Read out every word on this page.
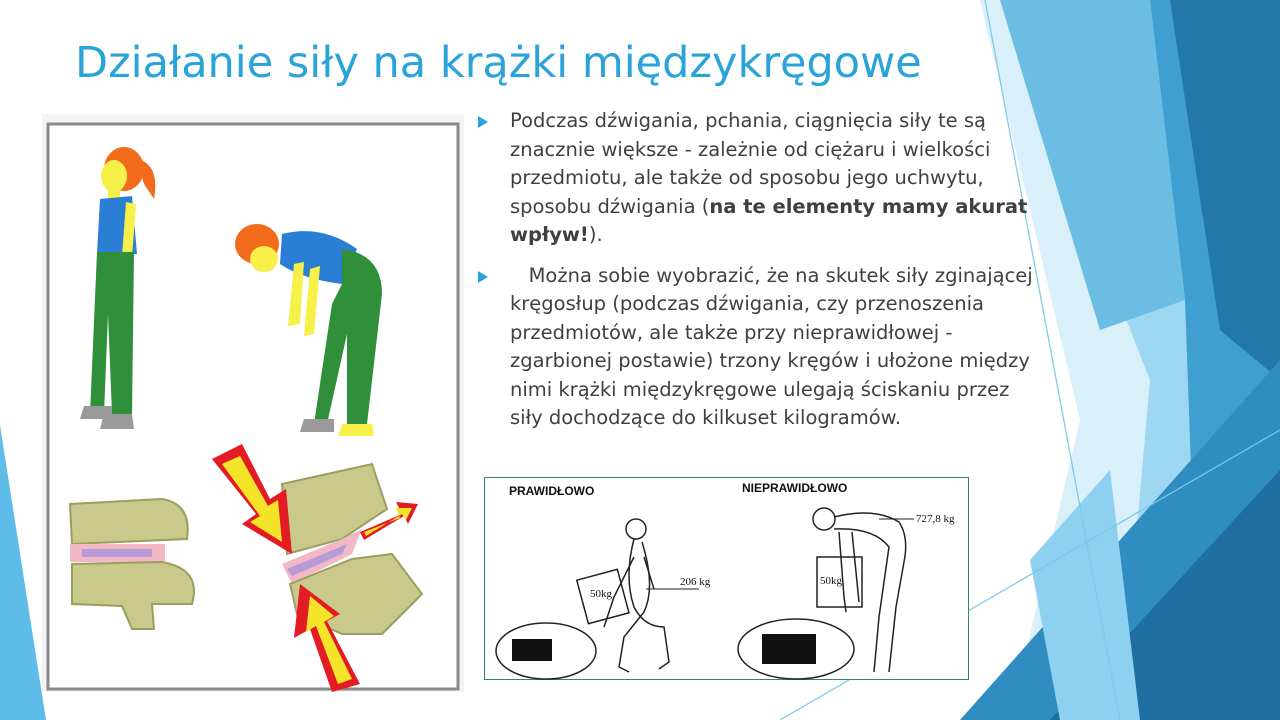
Działanie siły na krążki międzykręgowe
Podczas dźwigania, pchania, ciągnięcia siły te są znacznie większe - zależnie od ciężaru i wielkości przedmiotu, ale także od sposobu jego uchwytu, sposobu dźwigania (na te elementy mamy akurat wpływ!).
Można sobie wyobrazić, że na skutek siły zginającej kręgosłup (podczas dźwigania, czy przenoszenia przedmiotów, ale także przy nieprawidłowej - zgarbionej postawie) trzony kręgów i ułożone między nimi krążki międzykręgowe ulegają ściskaniu przez siły dochodzące do kilkuset kilogramów.
PRAWIDŁOWO	NIEPRAWIDŁOWO
50kg
206 kg	50kg
727,8 kg
